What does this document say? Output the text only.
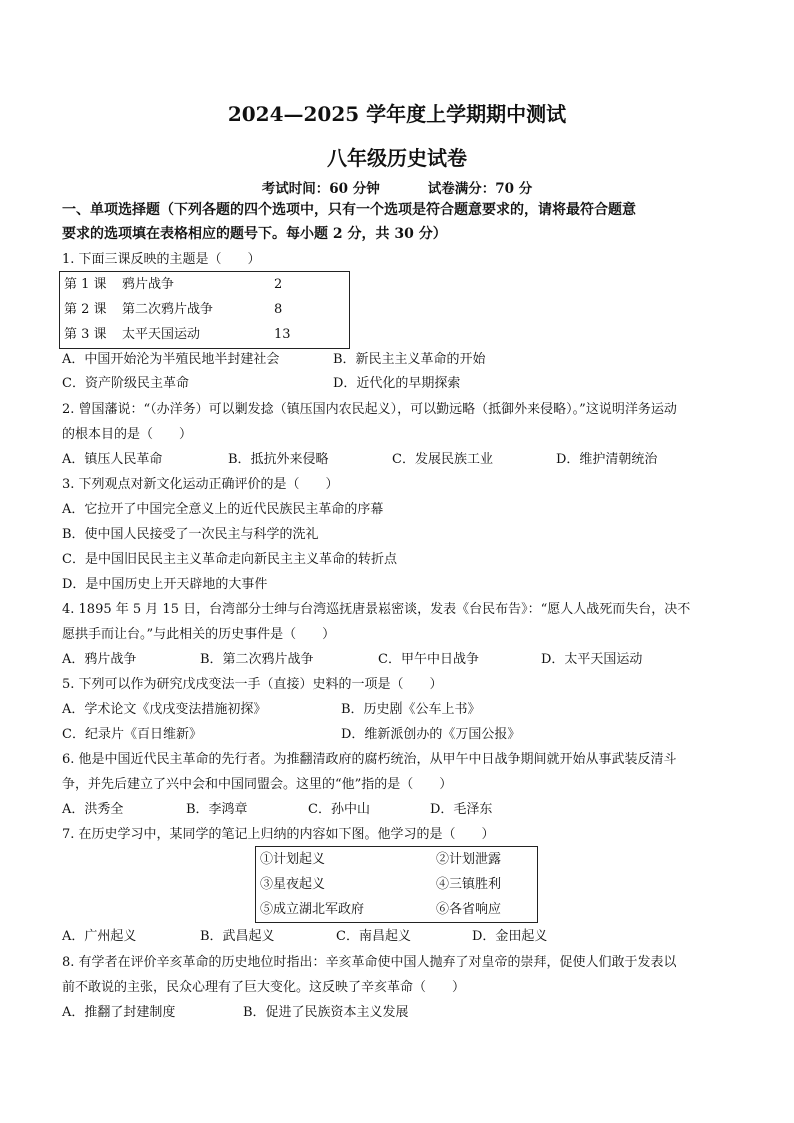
2024—2025 学年度上学期期中测试
八年级历史试卷
考试时间：60 分钟	试卷满分：70 分
一、单项选择题（下列各题的四个选项中，只有一个选项是符合题意要求的，请将最符合题意
要求的选项填在表格相应的题号下。每小题 2 分，共 30 分）
1. 下面三课反映的主题是（　　）
第 1 课 鸦片战争	2
第 2 课 第二次鸦片战争	8
第 3 课 太平天国运动	13
A．中国开始沦为半殖民地半封建社会	B．新民主主义革命的开始
C．资产阶级民主革命	D．近代化的早期探索
2. 曾国藩说：“（办洋务）可以剿发捻（镇压国内农民起义），可以勤远略（抵御外来侵略）。”这说明洋务运动
的根本目的是（　　）
A．镇压人民革命	B．抵抗外来侵略	C．发展民族工业	D．维护清朝统治
3. 下列观点对新文化运动正确评价的是（　　）
A．它拉开了中国完全意义上的近代民族民主革命的序幕
B．使中国人民接受了一次民主与科学的洗礼
C．是中国旧民民主主义革命走向新民主主义革命的转折点
D．是中国历史上开天辟地的大事件
4. 1895 年 5 月 15 日，台湾部分士绅与台湾巡抚唐景崧密谈，发表《台民布告》：“愿人人战死而失台，决不
愿拱手而让台。”与此相关的历史事件是（　　）
A．鸦片战争	B．第二次鸦片战争	C．甲午中日战争	D．太平天国运动
5. 下列可以作为研究戊戌变法一手（直接）史料的一项是（　　）
A．学术论文《戊戌变法措施初探》	B．历史剧《公车上书》
C．纪录片《百日维新》	D．维新派创办的《万国公报》
6. 他是中国近代民主革命的先行者。为推翻清政府的腐朽统治，从甲午中日战争期间就开始从事武装反清斗
争，并先后建立了兴中会和中国同盟会。这里的“他”指的是（　　）
A．洪秀全	B．李鸿章	C．孙中山	D．毛泽东
7. 在历史学习中，某同学的笔记上归纳的内容如下图。他学习的是（　　）
①计划起义	②计划泄露
③星夜起义	④三镇胜利
⑤成立湖北军政府	⑥各省响应
A．广州起义	B．武昌起义	C．南昌起义	D．金田起义
8. 有学者在评价辛亥革命的历史地位时指出：辛亥革命使中国人抛弃了对皇帝的崇拜，促使人们敢于发表以
前不敢说的主张，民众心理有了巨大变化。这反映了辛亥革命（　　）
A．推翻了封建制度	B．促进了民族资本主义发展
